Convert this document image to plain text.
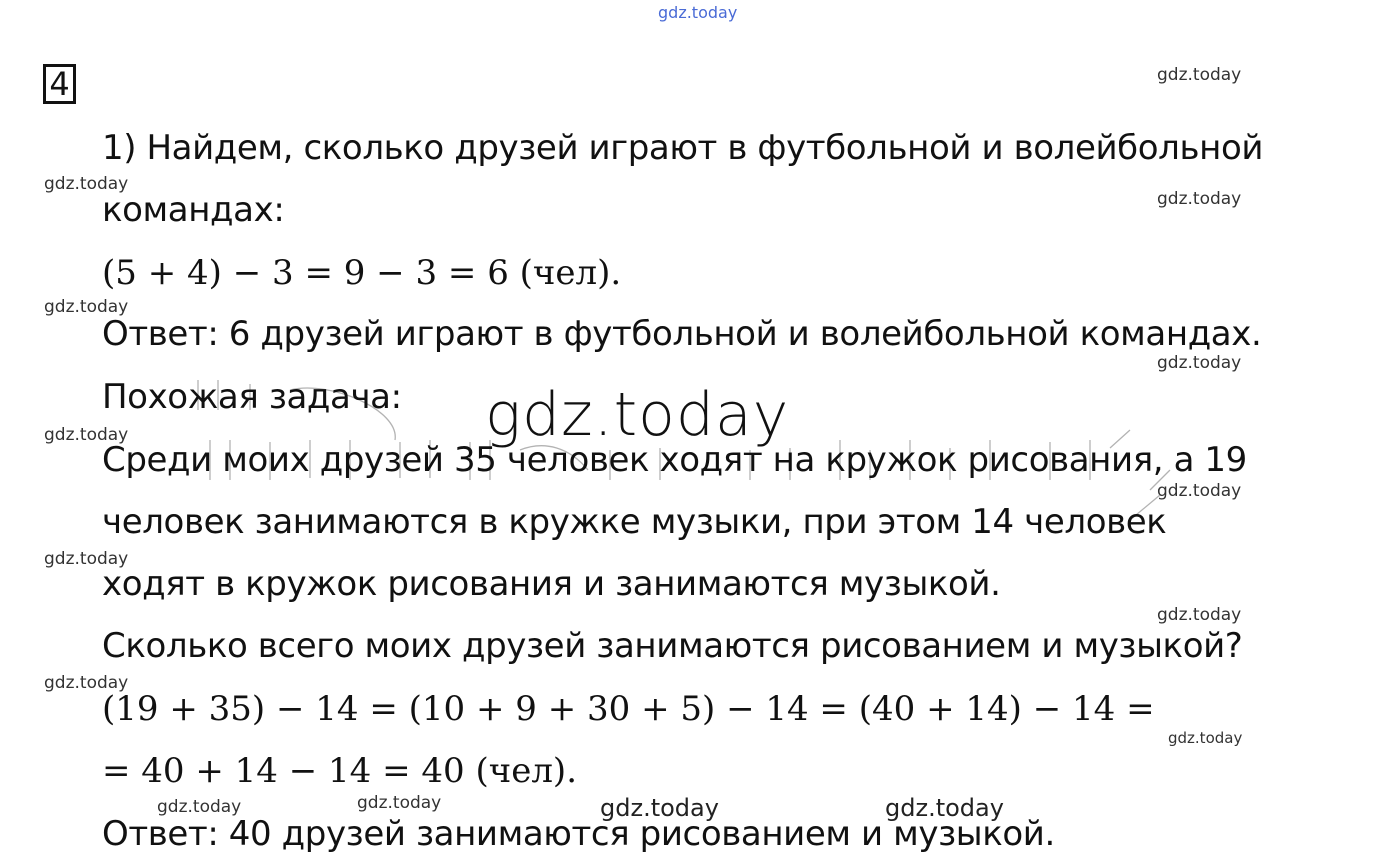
gdz.today
gdz.today
gdz.today
gdz.today
gdz.today
gdz.today
gdz.today
gdz.today
gdz.today
gdz.today
gdz.today
gdz.today
gdz.today	gdz.today	gdz.today	gdz.today
gdz.today
4
1) Найдем, сколько друзей играют в футбольной и волейбольной
командах:
(5 + 4) − 3 = 9 − 3 = 6 (чел).
Ответ: 6 друзей играют в футбольной и волейбольной командах.
Похожая задача:
Среди моих друзей 35 человек ходят на кружок рисования, а 19
человек занимаются в кружке музыки, при этом 14 человек
ходят в кружок рисования и занимаются музыкой.
Сколько всего моих друзей занимаются рисованием и музыкой?
(19 + 35) − 14 = (10 + 9 + 30 + 5) − 14 = (40 + 14) − 14 =
= 40 + 14 − 14 = 40 (чел).
Ответ: 40 друзей занимаются рисованием и музыкой.
